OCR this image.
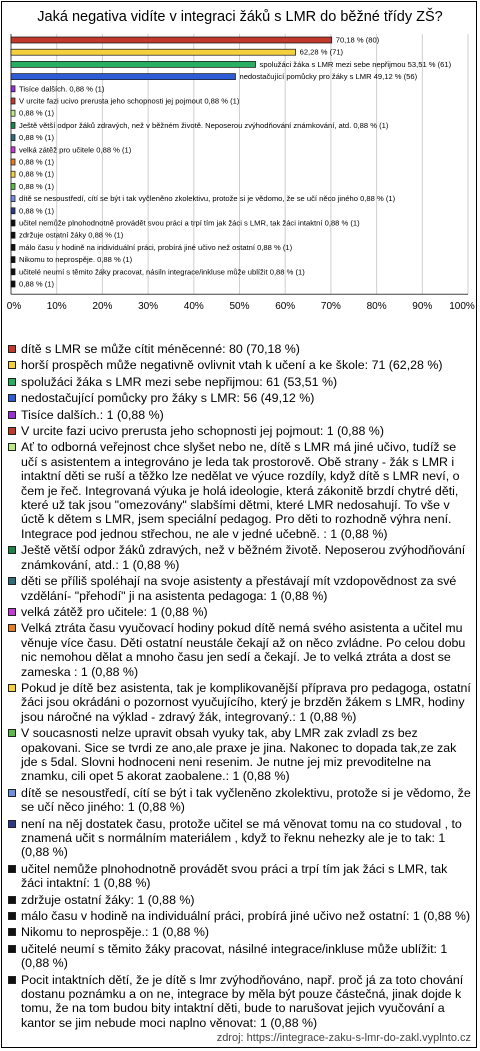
Jaká negativa vidíte v integraci žáků s LMR do běžné třídy ZŠ?
70,18 % (80)
62,28 % (71)
spolužáci žáka s LMR mezi sebe nepřijmou 53,51 % (61)
nedostačující pomůcky pro žáky s LMR 49,12 % (56)
Tisíce dalších. 0,88 % (1)
V urcite fazi ucivo prerusta jeho schopnosti jej pojmout 0,88 % (1)
0,88 % (1)
Ještě větší odpor žáků zdravých, než v běžném životě. Neposerou zvýhodňování známkování, atd. 0,88 % (1)
0,88 % (1)
velká zátěž pro učitele 0,88 % (1)
0,88 % (1)
0,88 % (1)
0,88 % (1)
dítě se nesoustředí, cítí se být i tak vyčleněno zkolektivu, protože si je vědomo, že se učí něco jiného 0,88 % (1)
0,88 % (1)
učitel nemůže plnohodnotně provádět svou práci a trpí tím jak žáci s LMR, tak žáci intaktní 0,88 % (1)
zdržuje ostatní žáky 0,88 % (1)
málo času v hodině na individuální práci, probírá jiné učivo než ostatní 0,88 % (1)
Nikomu to neprospěje. 0,88 % (1)
učitelé neumí s těmito žáky pracovat, násiln integrace/inkluse může ublížit 0,88 % (1)
0,88 % (1)
0%	10%	20%	30%	40%	50%	60%	70%	80%	90% 100%
dítě s LMR se může cítit méněcenné: 80 (70,18 %)
horší prospěch může negativně ovlivnit vtah k učení a ke škole: 71 (62,28 %)
spolužáci žáka s LMR mezi sebe nepřijmou: 61 (53,51 %)
nedostačující pomůcky pro žáky s LMR: 56 (49,12 %)
Tisíce dalších.: 1 (0,88 %)
V urcite fazi ucivo prerusta jeho schopnosti jej pojmout: 1 (0,88 %)
Ať to odborná veřejnost chce slyšet nebo ne, dítě s LMR má jiné učivo, tudíž se učí s asistentem a integrováno je leda tak prostorově. Obě strany - žák s LMR i intaktní děti se ruší a těžko lze nedělat ve výuce rozdíly, když dítě s LMR neví, o čem je řeč. Integrovaná výuka je holá ideologie, která zákonitě brzdí chytré děti, které už tak jsou "omezovány" slabšími dětmi, které LMR nedosahují. To vše v úctě k dětem s LMR, jsem speciální pedagog. Pro děti to rozhodně výhra není. Integrace pod jednou střechou, ne ale v jedné učebně. : 1 (0,88 %)
Ještě větší odpor žáků zdravých, než v běžném životě. Neposerou zvýhodňování známkování, atd.: 1 (0,88 %)
děti se příliš spoléhají na svoje asistenty a přestávají mít vzdopovědnost za své vzdělání- "přehodí" ji na asistenta pedagoga: 1 (0,88 %)
velká zátěž pro učitele: 1 (0,88 %)
Velká ztráta času vyučovací hodiny pokud dítě nemá svého asistenta a učitel mu věnuje více času. Děti ostatní neustále čekají až on něco zvládne. Po celou dobu nic nemohou dělat a mnoho času jen sedí a čekají. Je to velká ztráta a dost se zameska : 1 (0,88 %)
Pokud je dítě bez asistenta, tak je komplikovanější příprava pro pedagoga, ostatní žáci jsou okrádáni o pozornost vyučujícího, který je brzděn žákem s LMR, hodiny jsou náročné na výklad - zdravý žák, integrovaný.: 1 (0,88 %)
V soucasnosti nelze upravit obsah vyuky tak, aby LMR zak zvladl zs bez opakovani. Sice se tvrdi ze ano,ale praxe je jina. Nakonec to dopada tak,ze zak jde s 5dal. Slovni hodnoceni neni resenim. Je nutne jej miz prevoditelne na znamku, cili opet 5 akorat zaobalene.: 1 (0,88 %)
dítě se nesoustředí, cítí se být i tak vyčleněno zkolektivu, protože si je vědomo, že se učí něco jiného: 1 (0,88 %)
není na něj dostatek času, protože učitel se má věnovat tomu na co studoval , to znamená učit s normálním materiálem , když to řeknu nehezky ale je to tak: 1 (0,88 %)
učitel nemůže plnohodnotně provádět svou práci a trpí tím jak žáci s LMR, tak žáci intaktní: 1 (0,88 %)
zdržuje ostatní žáky: 1 (0,88 %)
málo času v hodině na individuální práci, probírá jiné učivo než ostatní: 1 (0,88 %)
Nikomu to neprospěje.: 1 (0,88 %)
učitelé neumí s těmito žáky pracovat, násilné integrace/inkluse může ublížit: 1 (0,88 %)
Pocit intaktních dětí, že je dítě s lmr zvýhodňováno, např. proč já za toto chování dostanu poznámku a on ne, integrace by měla být pouze částečná, jinak dojde k tomu, že na tom budou bity intaktní děti, bude to narušovat jejich vyučování a kantor se jim nebude moci naplno věnovat: 1 (0,88 %)
zdroj: https://integrace-zaku-s-lmr-do-zakl.vyplnto.cz
